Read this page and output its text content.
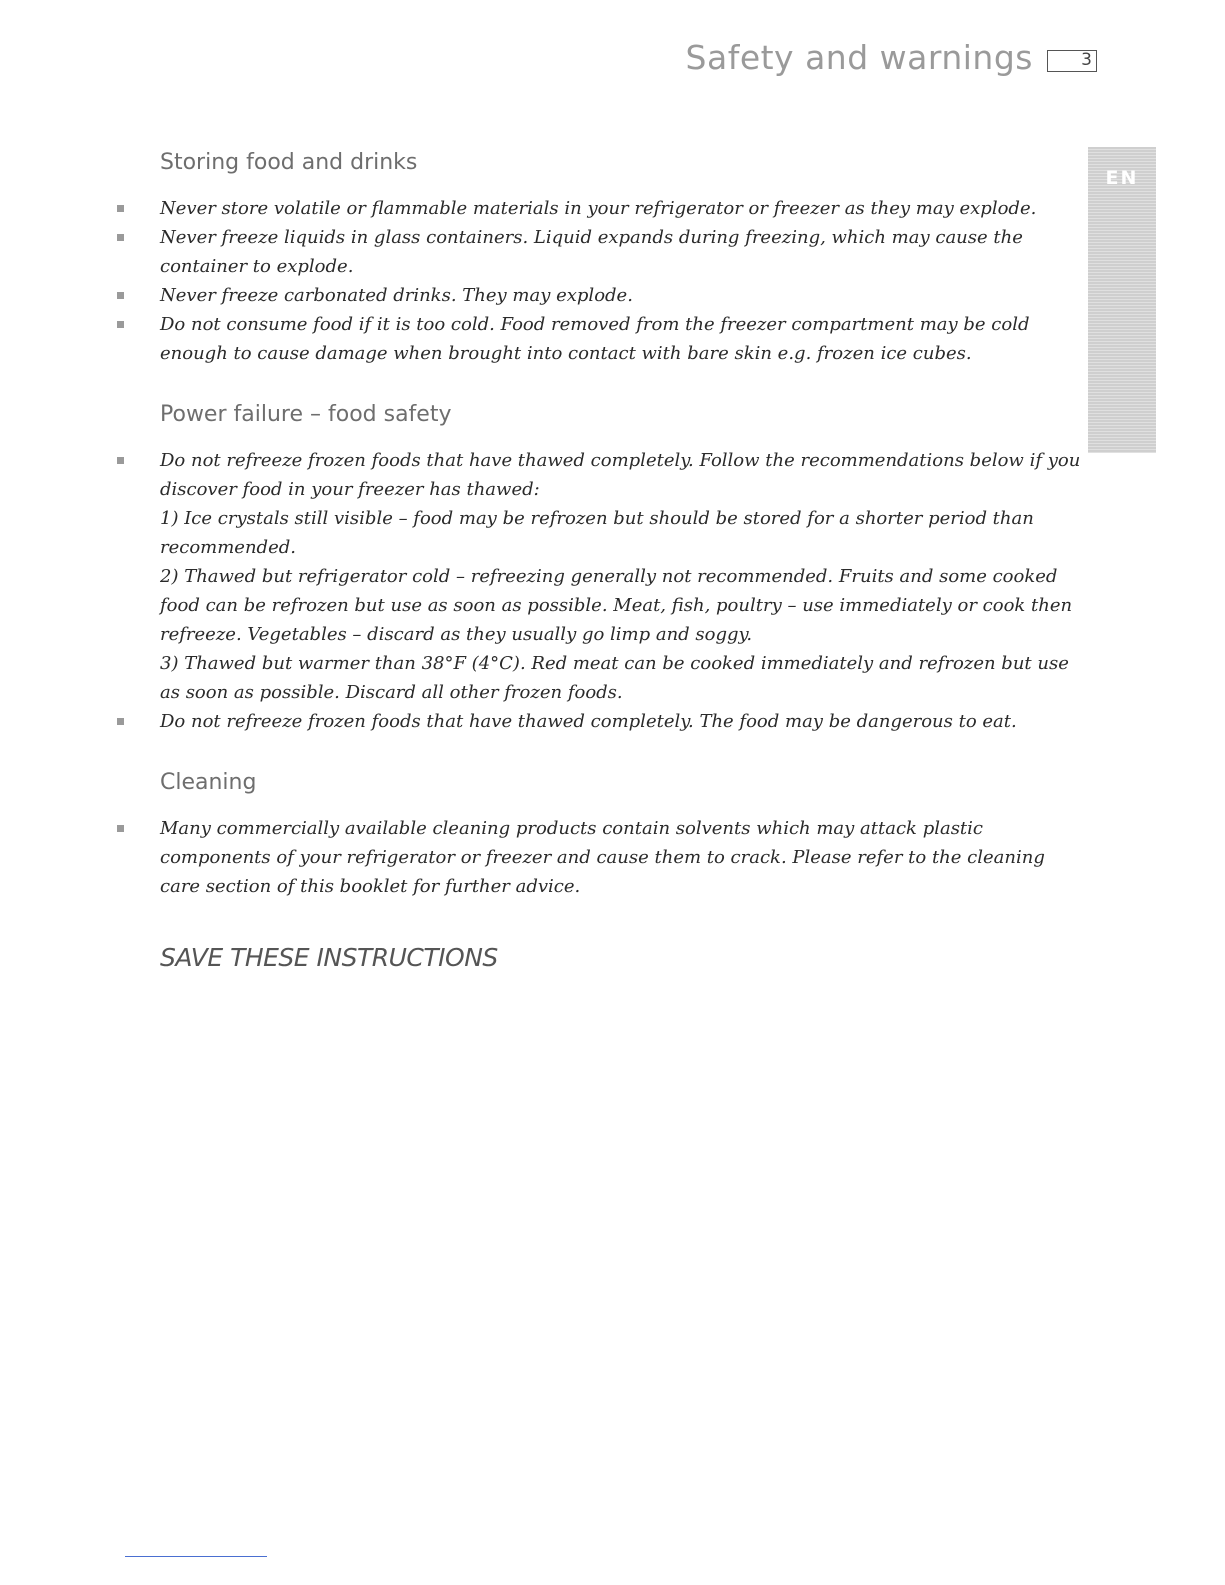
Safety and warnings	3
EN
Storing food and drinks
Never store volatile or flammable materials in your refrigerator or freezer as they may explode.
Never freeze liquids in glass containers. Liquid expands during freezing, which may cause the container to explode.
Never freeze carbonated drinks. They may explode.
Do not consume food if it is too cold. Food removed from the freezer compartment may be cold enough to cause damage when brought into contact with bare skin e.g. frozen ice cubes.
Power failure – food safety
Do not refreeze frozen foods that have thawed completely. Follow the recommendations below if you discover food in your freezer has thawed:
1) Ice crystals still visible – food may be refrozen but should be stored for a shorter period than recommended.
2) Thawed but refrigerator cold – refreezing generally not recommended. Fruits and some cooked food can be refrozen but use as soon as possible. Meat, fish, poultry – use immediately or cook then refreeze. Vegetables – discard as they usually go limp and soggy.
3) Thawed but warmer than 38°F (4°C). Red meat can be cooked immediately and refrozen but use as soon as possible. Discard all other frozen foods.
Do not refreeze frozen foods that have thawed completely. The food may be dangerous to eat.
Cleaning
Many commercially available cleaning products contain solvents which may attack plastic components of your refrigerator or freezer and cause them to crack. Please refer to the cleaning care section of this booklet for further advice.
SAVE THESE INSTRUCTIONS
